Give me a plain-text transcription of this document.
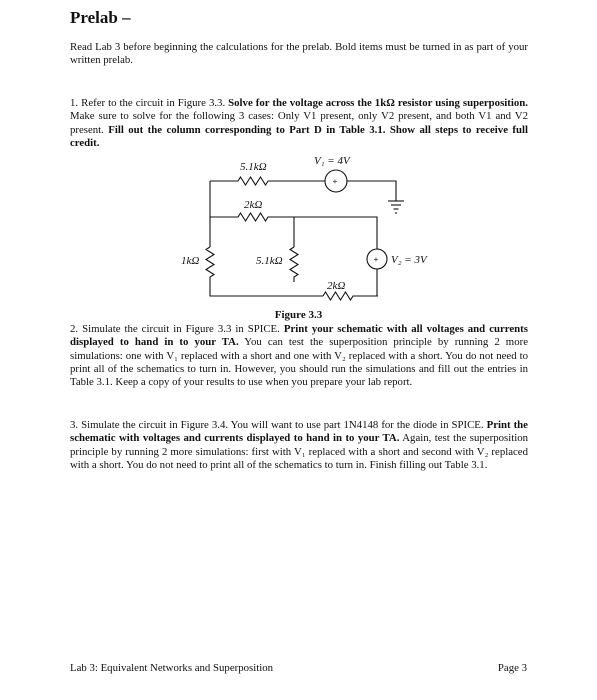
Prelab –

Read Lab 3 before beginning the calculations for the prelab. Bold items must be turned in as part of your written prelab.

1. Refer to the circuit in Figure 3.3. Solve for the voltage across the 1kΩ resistor using superposition. Make sure to solve for the following 3 cases: Only V1 present, only V2 present, and both V1 and V2 present. Fill out the column corresponding to Part D in Table 3.1. Show all steps to receive full credit.

+
+
5.1kΩ	V₁ = 4V
2kΩ
1kΩ	5.1kΩ	V₂ = 3V
2kΩ

Figure 3.3

2. Simulate the circuit in Figure 3.3 in SPICE. Print your schematic with all voltages and currents displayed to hand in to your TA. You can test the superposition principle by running 2 more simulations: one with V₁ replaced with a short and one with V₂ replaced with a short. You do not need to print all of the schematics to turn in. However, you should run the simulations and fill out the entries in Table 3.1. Keep a copy of your results to use when you prepare your lab report.

3. Simulate the circuit in Figure 3.4. You will want to use part 1N4148 for the diode in SPICE. Print the schematic with voltages and currents displayed to hand in to your TA. Again, test the superposition principle by running 2 more simulations: first with V₁ replaced with a short and second with V₂ replaced with a short. You do not need to print all of the schematics to turn in. Finish filling out Table 3.1.

Lab 3: Equivalent Networks and Superposition	Page 3
